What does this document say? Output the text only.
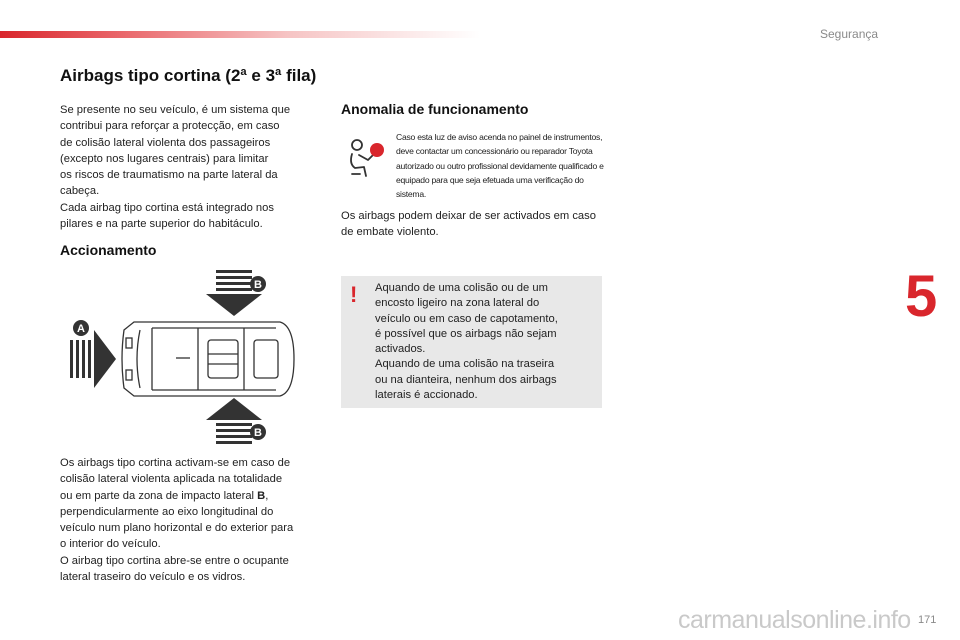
Segurança
5
Airbags tipo cortina (2ª e 3ª fila)

Se presente no seu veículo, é um sistema que
contribui para reforçar a protecção, em caso
de colisão lateral violenta dos passageiros
(excepto nos lugares centrais) para limitar
os riscos de traumatismo na parte lateral da
cabeça.
Cada airbag tipo cortina está integrado nos
pilares e na parte superior do habitáculo.

Accionamento
A
B
B
Os airbags tipo cortina activam-se em caso de
colisão lateral violenta aplicada na totalidade
ou em parte da zona de impacto lateral B,
perpendicularmente ao eixo longitudinal do
veículo num plano horizontal e do exterior para
o interior do veículo.
O airbag tipo cortina abre-se entre o ocupante
lateral traseiro do veículo e os vidros.
Anomalia de funcionamento
Caso esta luz de aviso acenda no painel de instrumentos, deve contactar um concessionário ou reparador Toyota autorizado ou outro profissional devidamente qualificado e equipado para que seja efetuada uma verificação do sistema.

Os airbags podem deixar de ser activados em caso de embate violento.

! Aquando de uma colisão ou de um
encosto ligeiro na zona lateral do
veículo ou em caso de capotamento,
é possível que os airbags não sejam
activados.
Aquando de uma colisão na traseira
ou na dianteira, nenhum dos airbags
laterais é accionado.

171
carmanualsonline.info
